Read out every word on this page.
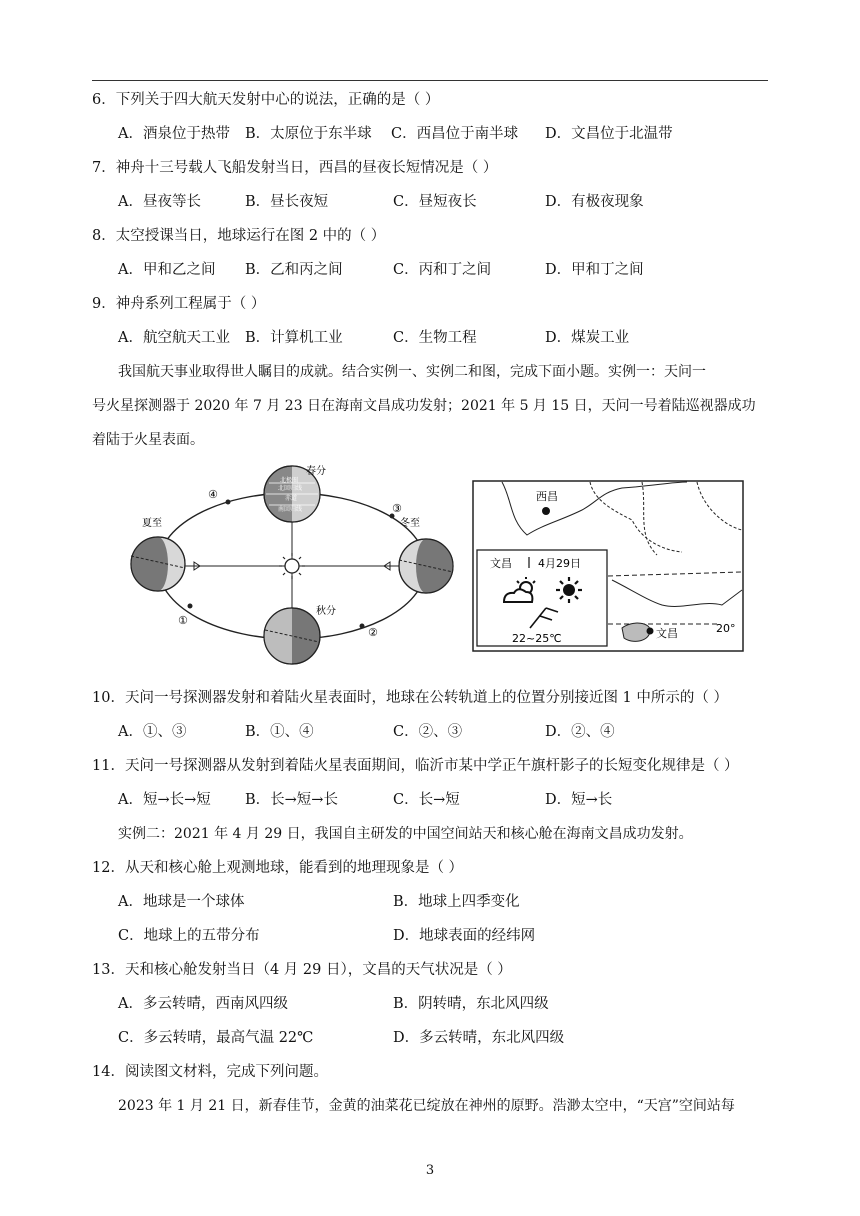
6．下列关于四大航天发射中心的说法，正确的是（ ）
A．酒泉位于热带 B．太原位于东半球 C．西昌位于南半球 D．文昌位于北温带
7．神舟十三号载人飞船发射当日，西昌的昼夜长短情况是（ ）
A．昼夜等长	B．昼长夜短	C．昼短夜长	D．有极夜现象
8．太空授课当日，地球运行在图 2 中的（ ）
A．甲和乙之间 B．乙和丙之间	C．丙和丁之间	D．甲和丁之间
9．神舟系列工程属于（ ）
A．航空航天工业 B．计算机工业	C．生物工程	D．煤炭工业
我国航天事业取得世人瞩目的成就。结合实例一、实例二和图，完成下面小题。实例一：天问一
号火星探测器于 2020 年 7 月 23 日在海南文昌成功发射；2021 年 5 月 15 日，天问一号着陆巡视器成功
着陆于火星表面。
北极圈
北回归线
赤道
南回归线
春分
夏至	冬至
秋分
④
③
①
②
西昌
文昌	20°
文昌 4月29日
22~25℃
10．天问一号探测器发射和着陆火星表面时，地球在公转轨道上的位置分别接近图 1 中所示的（ ）
A．①、③	B．①、④	C．②、③	D．②、④
11．天问一号探测器从发射到着陆火星表面期间，临沂市某中学正午旗杆影子的长短变化规律是（ ）
A．短→长→短 B．长→短→长	C．长→短	D．短→长
实例二：2021 年 4 月 29 日，我国自主研发的中国空间站天和核心舱在海南文昌成功发射。
12．从天和核心舱上观测地球，能看到的地理现象是（ ）
A．地球是一个球体	B．地球上四季变化
C．地球上的五带分布	D．地球表面的经纬网
13．天和核心舱发射当日（4 月 29 日），文昌的天气状况是（ ）
A．多云转晴，西南风四级	B．阴转晴，东北风四级
C．多云转晴，最高气温 22℃	D．多云转晴，东北风四级
14．阅读图文材料，完成下列问题。
2023 年 1 月 21 日，新春佳节，金黄的油菜花已绽放在神州的原野。浩渺太空中，“天宫”空间站每
3
